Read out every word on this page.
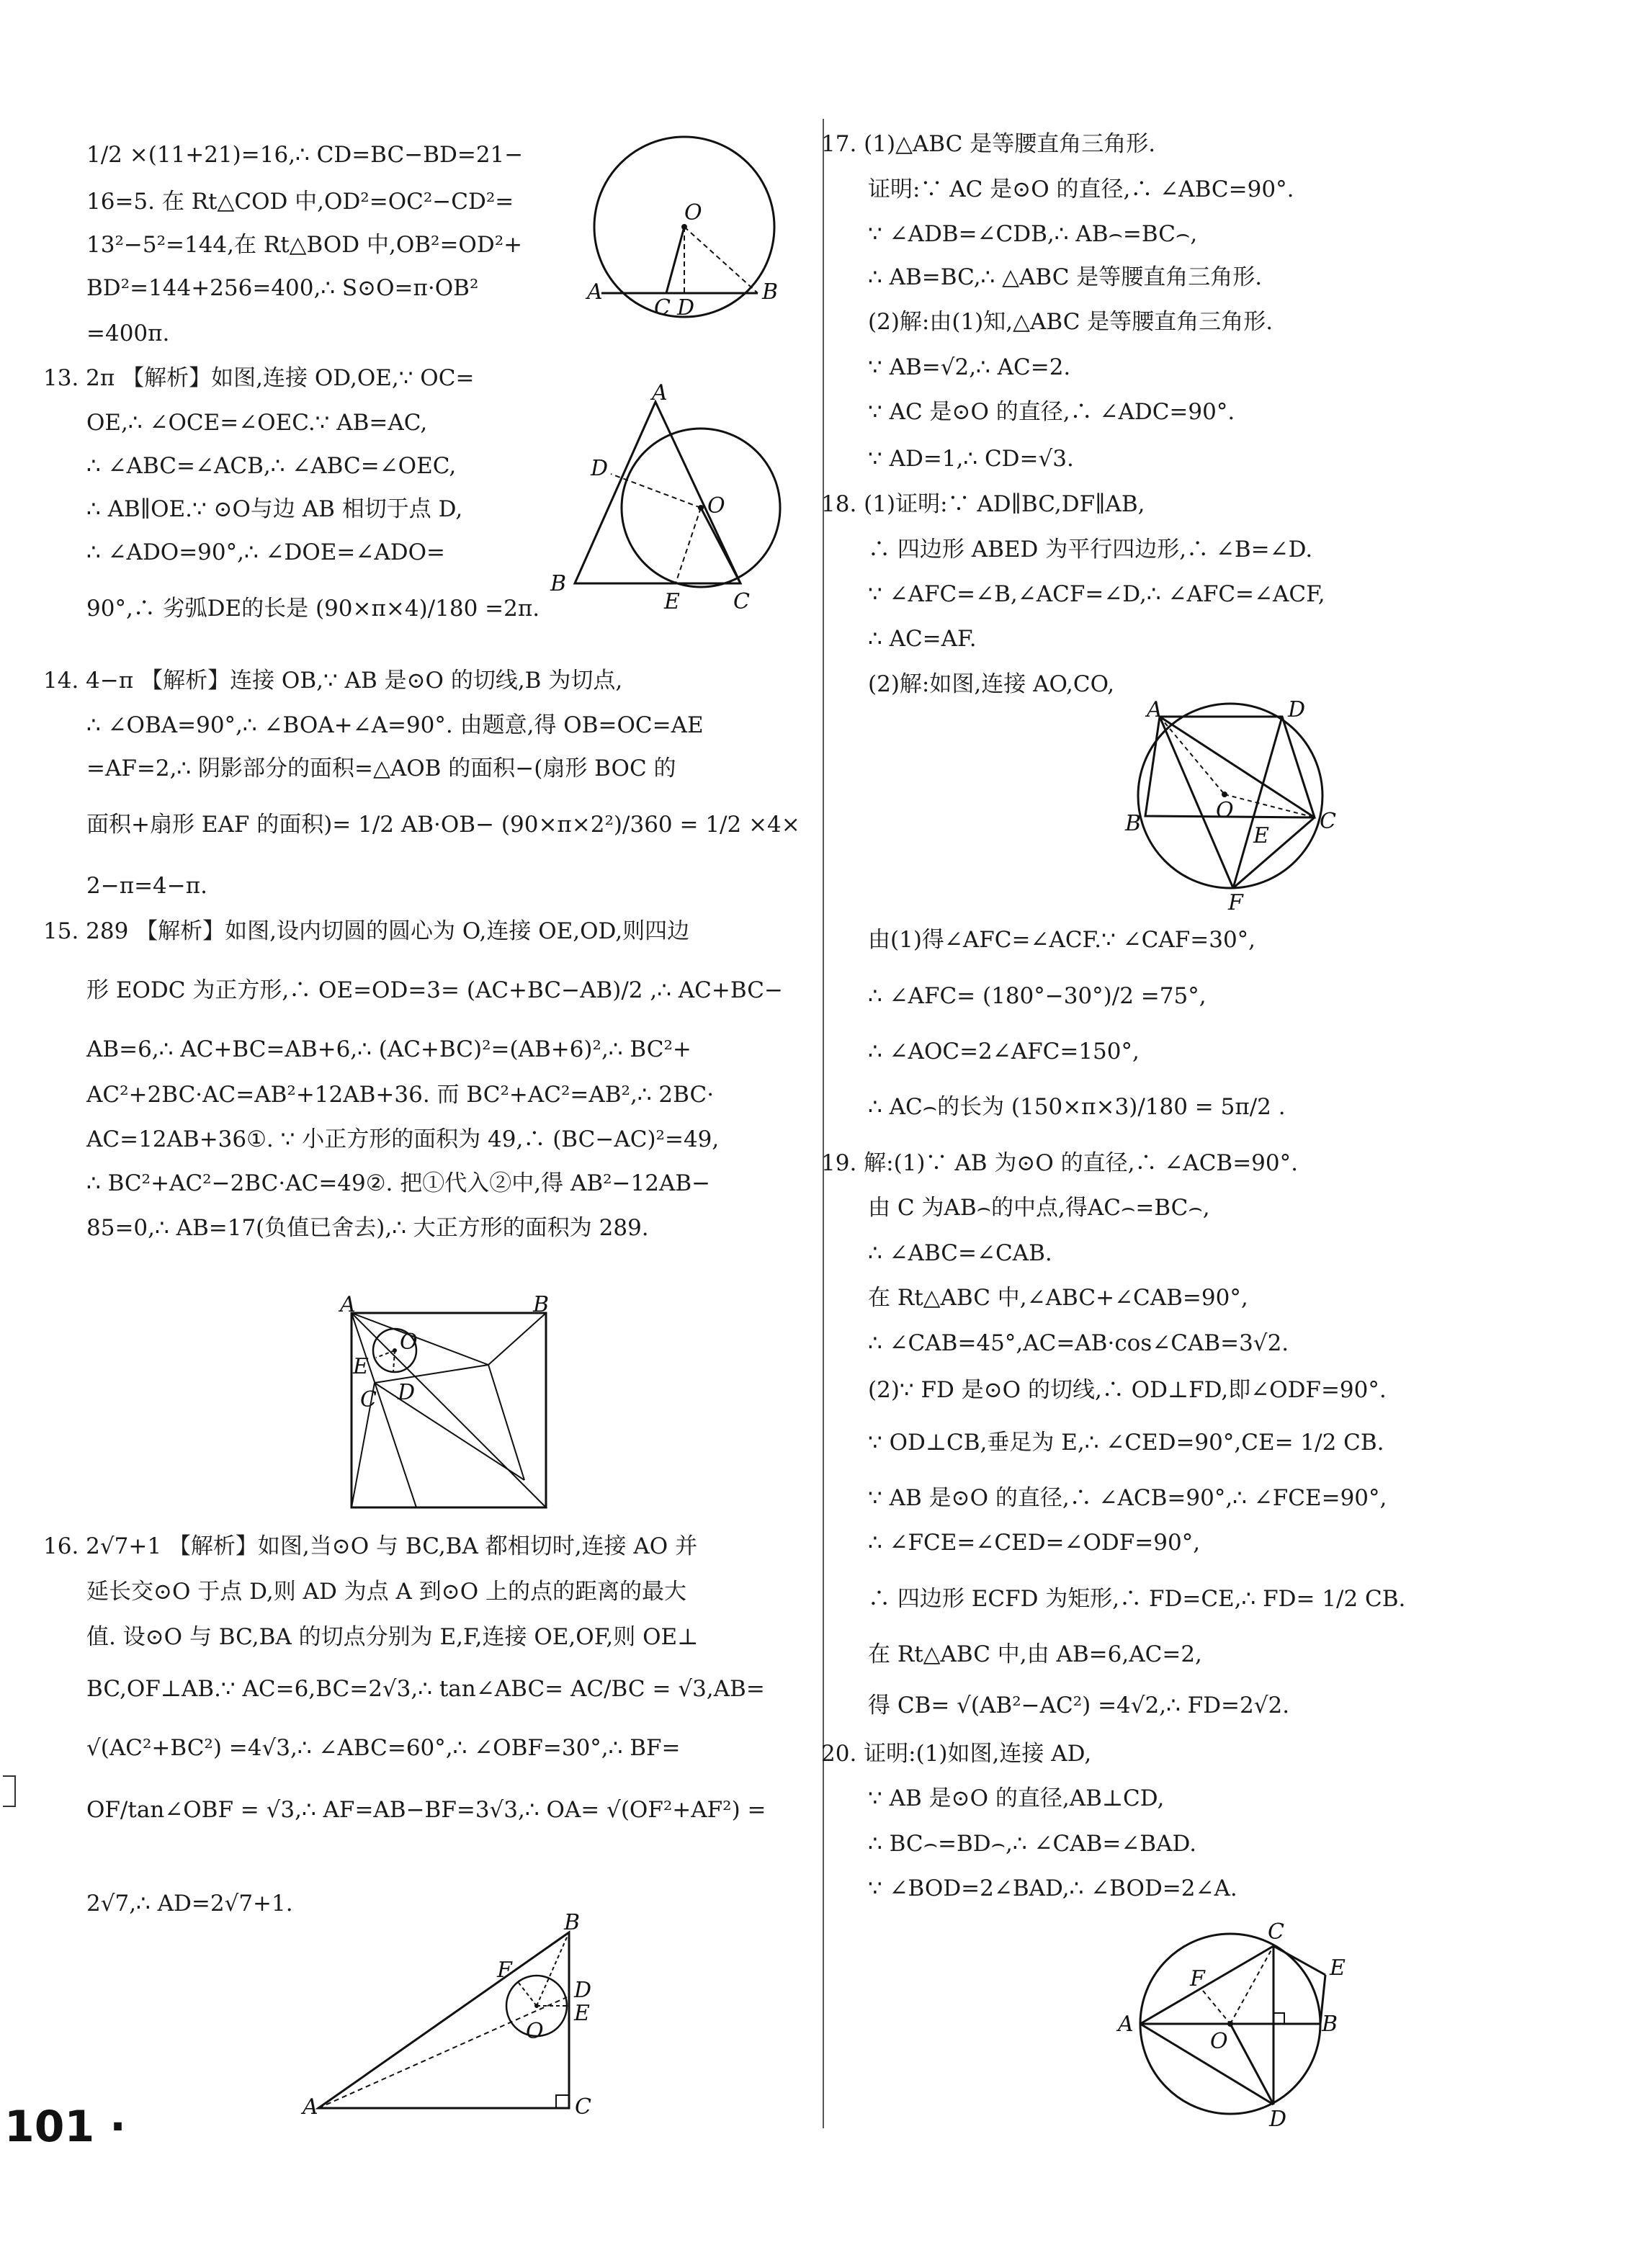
1/2 ×(11+21)=16,∴ CD=BC−BD=21−
16=5. 在 Rt△COD 中,OD²=OC²−CD²=
13²−5²=144,在 Rt△BOD 中,OB²=OD²+
BD²=144+256=400,∴ S⊙O=π·OB²
=400π.
13. 2π 【解析】如图,连接 OD,OE,∵ OC=
OE,∴ ∠OCE=∠OEC.∵ AB=AC,
∴ ∠ABC=∠ACB,∴ ∠ABC=∠OEC,
∴ AB∥OE.∵ ⊙O与边 AB 相切于点 D,
∴ ∠ADO=90°,∴ ∠DOE=∠ADO=
90°,∴ 劣弧DE的长是 (90×π×4)/180 =2π.
14. 4−π 【解析】连接 OB,∵ AB 是⊙O 的切线,B 为切点,
∴ ∠OBA=90°,∴ ∠BOA+∠A=90°. 由题意,得 OB=OC=AE
=AF=2,∴ 阴影部分的面积=△AOB 的面积−(扇形 BOC 的
面积+扇形 EAF 的面积)= 1/2 AB·OB− (90×π×2²)/360 = 1/2 ×4×
2−π=4−π.
15. 289 【解析】如图,设内切圆的圆心为 O,连接 OE,OD,则四边
形 EODC 为正方形,∴ OE=OD=3= (AC+BC−AB)/2 ,∴ AC+BC−
AB=6,∴ AC+BC=AB+6,∴ (AC+BC)²=(AB+6)²,∴ BC²+
AC²+2BC·AC=AB²+12AB+36. 而 BC²+AC²=AB²,∴ 2BC·
AC=12AB+36①. ∵ 小正方形的面积为 49,∴ (BC−AC)²=49,
∴ BC²+AC²−2BC·AC=49②. 把①代入②中,得 AB²−12AB−
85=0,∴ AB=17(负值已舍去),∴ 大正方形的面积为 289.
16. 2√7+1 【解析】如图,当⊙O 与 BC,BA 都相切时,连接 AO 并
延长交⊙O 于点 D,则 AD 为点 A 到⊙O 上的点的距离的最大
值. 设⊙O 与 BC,BA 的切点分别为 E,F,连接 OE,OF,则 OE⊥
BC,OF⊥AB.∵ AC=6,BC=2√3,∴ tan∠ABC= AC/BC = √3,AB=
√(AC²+BC²) =4√3,∴ ∠ABC=60°,∴ ∠OBF=30°,∴ BF=
OF/tan∠OBF = √3,∴ AF=AB−BF=3√3,∴ OA= √(OF²+AF²) =
2√7,∴ AD=2√7+1.
17. (1)△ABC 是等腰直角三角形.
证明:∵ AC 是⊙O 的直径,∴ ∠ABC=90°.
∵ ∠ADB=∠CDB,∴ AB⌢=BC⌢,
∴ AB=BC,∴ △ABC 是等腰直角三角形.
(2)解:由(1)知,△ABC 是等腰直角三角形.
∵ AB=√2,∴ AC=2.
∵ AC 是⊙O 的直径,∴ ∠ADC=90°.
∵ AD=1,∴ CD=√3.
18. (1)证明:∵ AD∥BC,DF∥AB,
∴ 四边形 ABED 为平行四边形,∴ ∠B=∠D.
∵ ∠AFC=∠B,∠ACF=∠D,∴ ∠AFC=∠ACF,
∴ AC=AF.
(2)解:如图,连接 AO,CO,
由(1)得∠AFC=∠ACF.∵ ∠CAF=30°,
∴ ∠AFC= (180°−30°)/2 =75°,
∴ ∠AOC=2∠AFC=150°,
∴ AC⌢的长为 (150×π×3)/180 = 5π/2 .
19. 解:(1)∵ AB 为⊙O 的直径,∴ ∠ACB=90°.
由 C 为AB⌢的中点,得AC⌢=BC⌢,
∴ ∠ABC=∠CAB.
在 Rt△ABC 中,∠ABC+∠CAB=90°,
∴ ∠CAB=45°,AC=AB·cos∠CAB=3√2.
(2)∵ FD 是⊙O 的切线,∴ OD⊥FD,即∠ODF=90°.
∵ OD⊥CB,垂足为 E,∴ ∠CED=90°,CE= 1/2 CB.
∵ AB 是⊙O 的直径,∴ ∠ACB=90°,∴ ∠FCE=90°,
∴ ∠FCE=∠CED=∠ODF=90°,
∴ 四边形 ECFD 为矩形,∴ FD=CE,∴ FD= 1/2 CB.
在 Rt△ABC 中,由 AB=6,AC=2,
得 CB= √(AB²−AC²) =4√2,∴ FD=2√2.
20. 证明:(1)如图,连接 AD,
∵ AB 是⊙O 的直径,AB⊥CD,
∴ BC⌢=BD⌢,∴ ∠CAB=∠BAD.
∵ ∠BOD=2∠BAD,∴ ∠BOD=2∠A.
O
A
C D
B
A
D
O
B
E C
A	B
O
E
C D
B
F
D
E
O
A	C
A	D
O
B	E
C
F
C
F	E
A
O
B
D
101 ·
